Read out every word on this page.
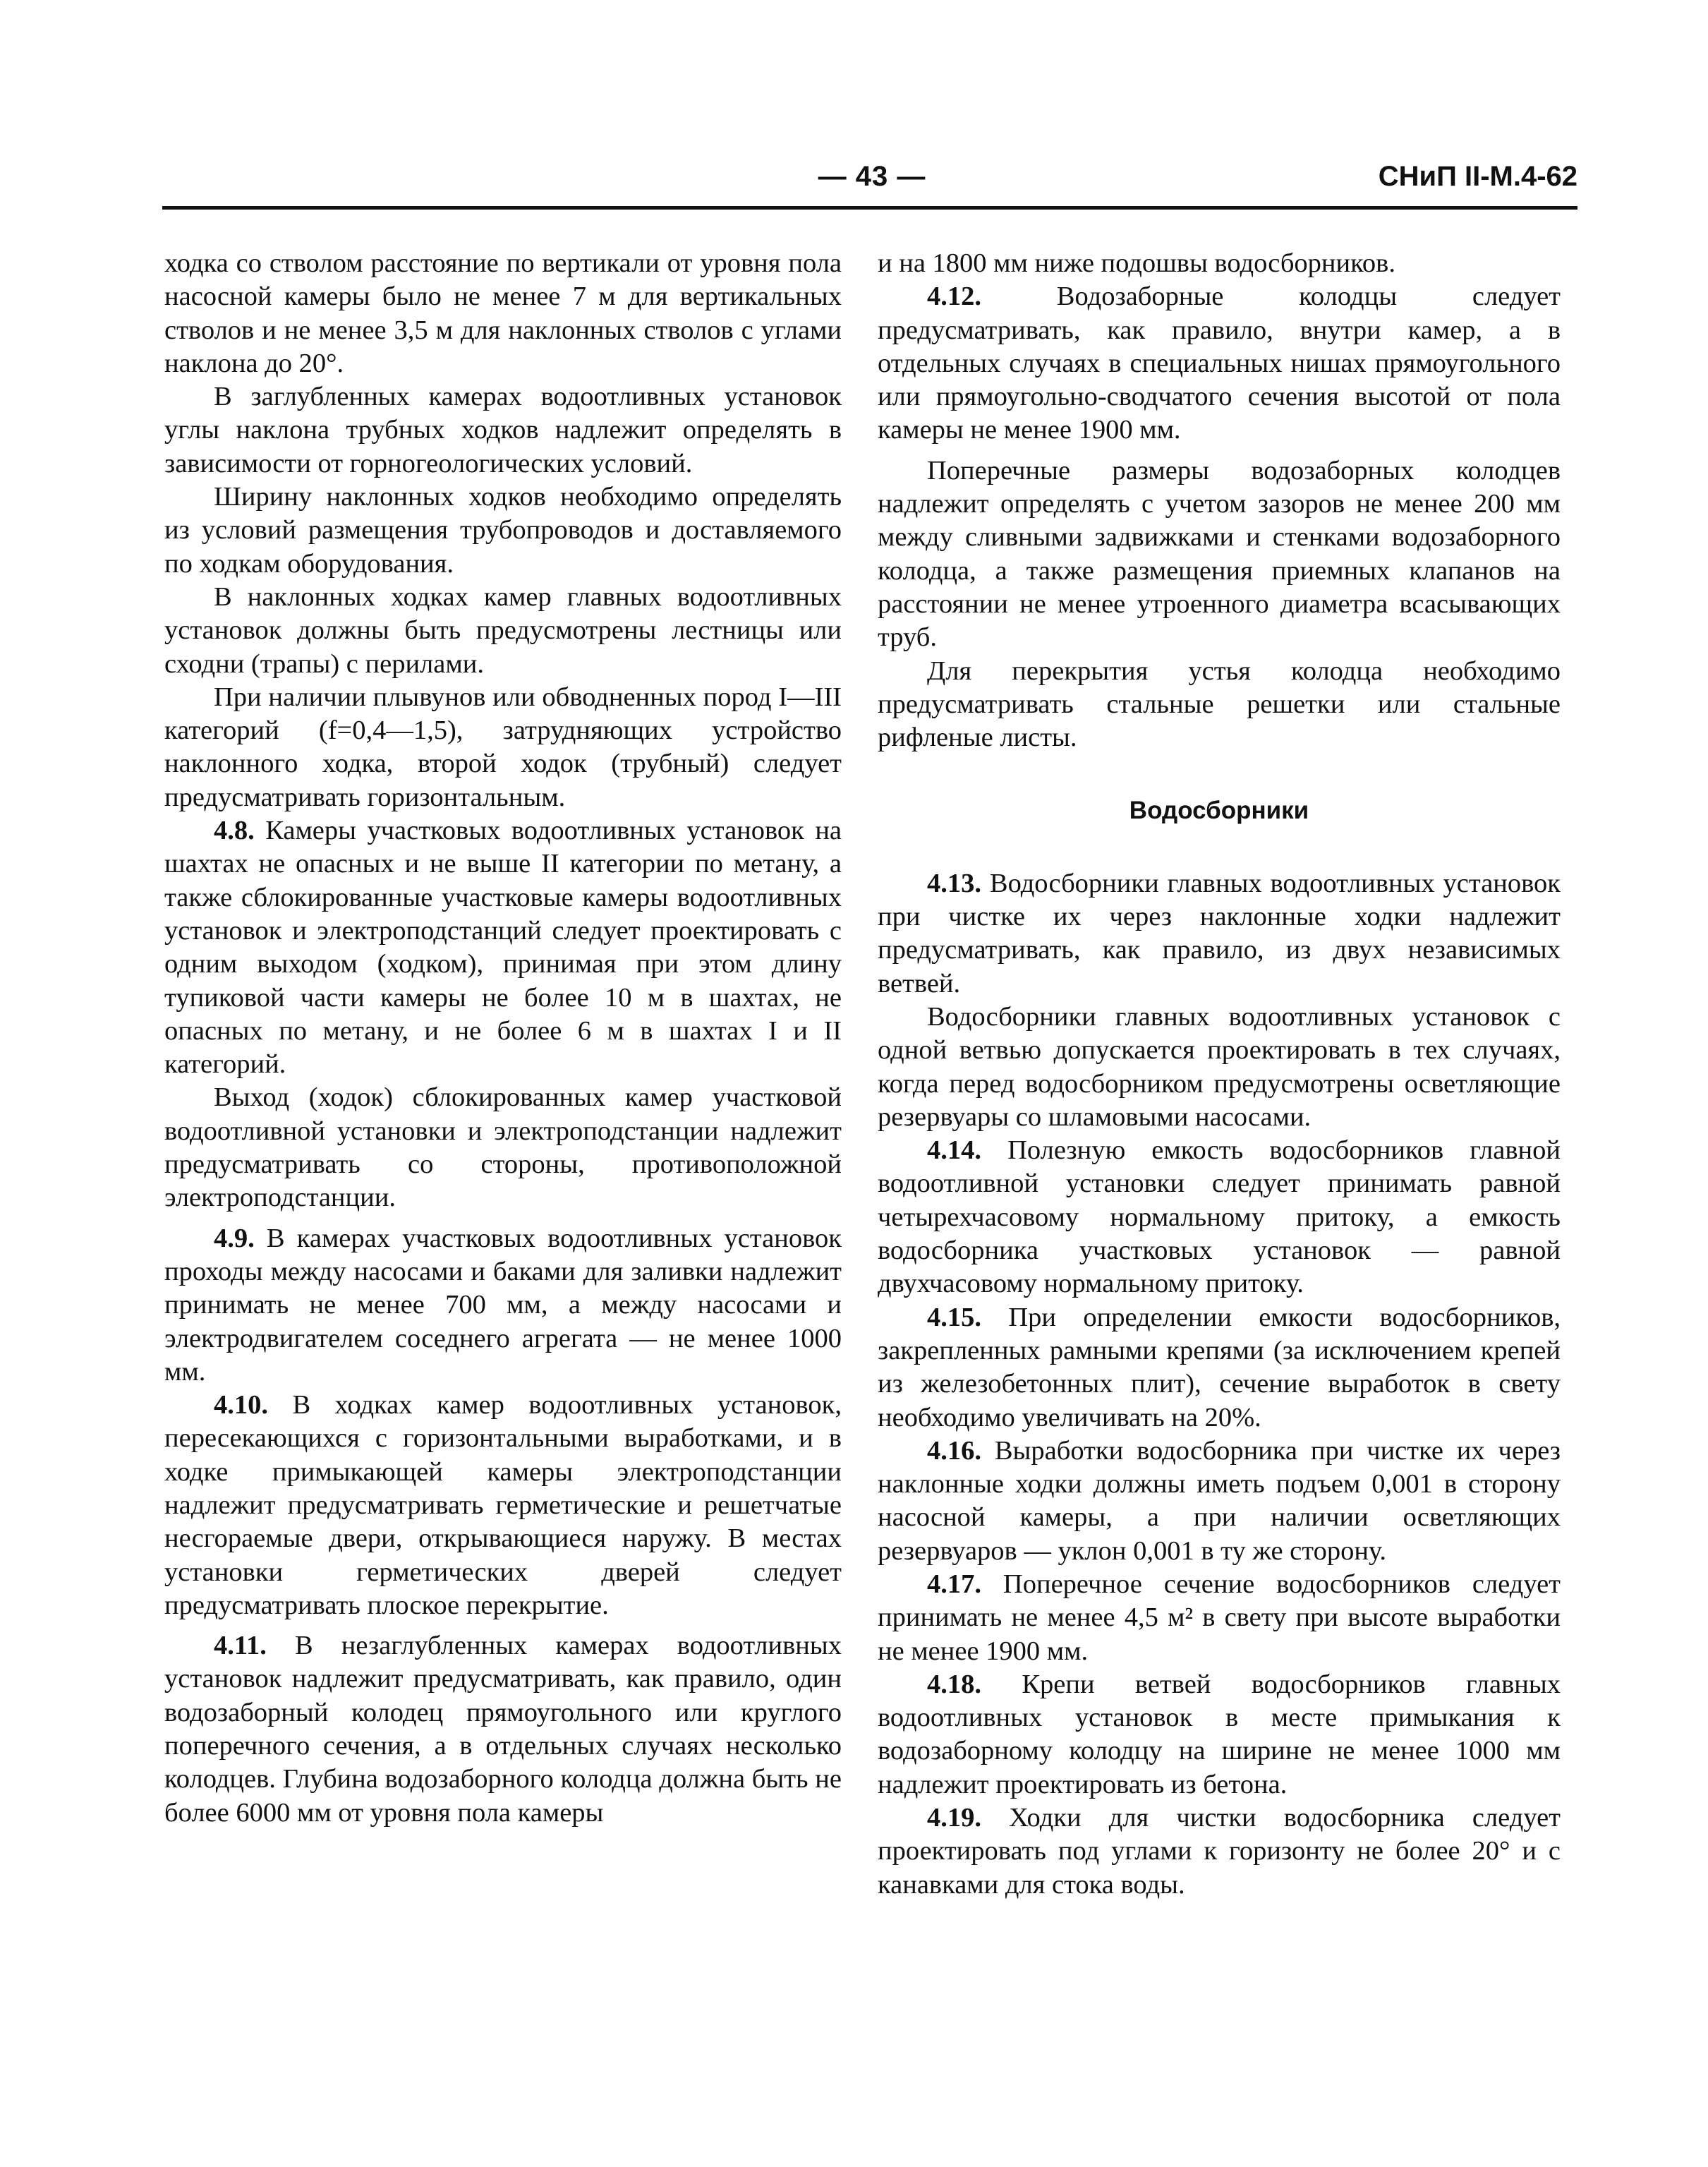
— 43 —	СНиП II-М.4-62

ходка со стволом расстояние по вертикали от уровня пола насосной камеры было не менее 7 м для вертикальных стволов и не менее 3,5 м для наклонных стволов с углами наклона до 20°.

В заглубленных камерах водоотливных установок углы наклона трубных ходков надлежит определять в зависимости от горногеологических условий.

Ширину наклонных ходков необходимо определять из условий размещения трубопроводов и доставляемого по ходкам оборудования.

В наклонных ходках камер главных водоотливных установок должны быть предусмотрены лестницы или сходни (трапы) с перилами.

При наличии плывунов или обводненных пород I—III категорий (f=0,4—1,5), затрудняющих устройство наклонного ходка, второй ходок (трубный) следует предусматривать горизонтальным.

4.8. Камеры участковых водоотливных установок на шахтах не опасных и не выше II категории по метану, а также сблокированные участковые камеры водоотливных установок и электроподстанций следует проектировать с одним выходом (ходком), принимая при этом длину тупиковой части камеры не более 10 м в шахтах, не опасных по метану, и не более 6 м в шахтах I и II категорий.

Выход (ходок) сблокированных камер участковой водоотливной установки и электроподстанции надлежит предусматривать со стороны, противоположной электроподстанции.

4.9. В камерах участковых водоотливных установок проходы между насосами и баками для заливки надлежит принимать не менее 700 мм, а между насосами и электродвигателем соседнего агрегата — не менее 1000 мм.

4.10. В ходках камер водоотливных установок, пересекающихся с горизонтальными выработками, и в ходке примыкающей камеры электроподстанции надлежит предусматривать герметические и решетчатые несгораемые двери, открывающиеся наружу. В местах установки герметических дверей следует предусматривать плоское перекрытие.

4.11. В незаглубленных камерах водоотливных установок надлежит предусматривать, как правило, один водозаборный колодец прямоугольного или круглого поперечного сечения, а в отдельных случаях несколько колодцев. Глубина водозаборного колодца должна быть не более 6000 мм от уровня пола камеры

и на 1800 мм ниже подошвы водосборников.

4.12.	Водозаборные колодцы следует предусматривать, как правило, внутри камер, а в отдельных случаях в специальных нишах прямоугольного или прямоугольно-сводчатого сечения высотой от пола камеры не менее 1900 мм.

Поперечные размеры водозаборных колодцев надлежит определять с учетом зазоров не менее 200 мм между сливными задвижками и стенками водозаборного колодца, а также размещения приемных клапанов на расстоянии не менее утроенного диаметра всасывающих труб.

Для перекрытия устья колодца необходимо предусматривать стальные решетки или стальные рифленые листы.

Водосборники

4.13. Водосборники главных водоотливных установок при чистке их через наклонные ходки надлежит предусматривать, как правило, из двух независимых ветвей.

Водосборники главных водоотливных установок с одной ветвью допускается проектировать в тех случаях, когда перед водосборником предусмотрены осветляющие резервуары со шламовыми насосами.

4.14. Полезную емкость водосборников главной водоотливной установки следует принимать равной четырехчасовому нормальному притоку, а емкость водосборника участковых установок — равной двухчасовому нормальному притоку.

4.15. При определении емкости водосборников, закрепленных рамными крепями (за исключением крепей из железобетонных плит), сечение выработок в свету необходимо увеличивать на 20%.

4.16. Выработки водосборника при чистке их через наклонные ходки должны иметь подъем 0,001 в сторону насосной камеры, а при наличии осветляющих резервуаров — уклон 0,001 в ту же сторону.

4.17. Поперечное сечение водосборников следует принимать не менее 4,5 м² в свету при высоте выработки не менее 1900 мм.

4.18. Крепи ветвей водосборников главных водоотливных установок в месте примыкания к водозаборному колодцу на ширине не менее 1000 мм надлежит проектировать из бетона.

4.19. Ходки для чистки водосборника следует проектировать под углами к горизонту не более 20° и с канавками для стока воды.
